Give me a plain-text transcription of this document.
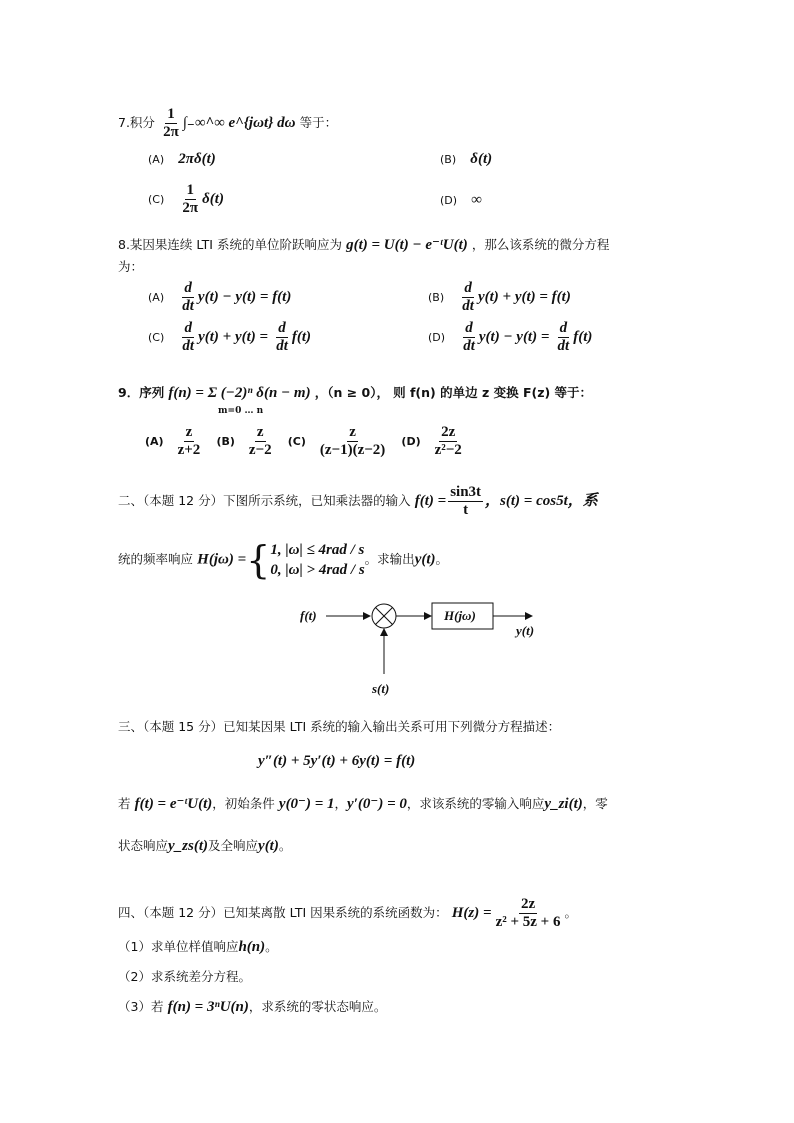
7.积分 $\frac{1}{2\pi}$ ∫₋∞^∞ e^{jωt} dω 等于：
(A) 2πδ(t)	(B) δ(t)
$(C) \frac{1}{2\pi} \delta(t)$	(D) ∞
8.某因果连续 LTI 系统的单位阶跃响应为 g(t) = U(t) − e⁻ᵗU(t) ，那么该系统的微分方程
为：
$(A) \frac{d}{dt} y(t) - y(t) = f(t)$	$(B) \frac{d}{dt} y(t) + y(t) = f(t)$
$(C) \frac{d}{dt} y(t) + y(t) = \frac{d}{dt} f(t)$	$(D) \frac{d}{dt} y(t) - y(t) = \frac{d}{dt} f(t)$
9．序列 f(n) = Σ (−2)ⁿ δ(n − m) ，（n ≥ 0）， 则 f(n) 的单边 z 变换 F(z) 等于：
m=0 … n
$(A) \frac{z}{z+2} (B) \frac{z}{z-2} (C) \frac{z}{(z-1)(z-2)} (D) \frac{2z}{\text{z²−2}}$
二、（本题 12 分）下图所示系统，已知乘法器的输入 $f(t) = \frac{\sin 3t}{t}$ ，s(t) = cos5t，系
统的频率响应 H(jω) ={ 1, |ω| ≤ 4rad / s
0, |ω| > 4rad / s
。求输出y(t)。
f(t)	H(jω)
y(t)
s(t)
三、（本题 15 分）已知某因果 LTI 系统的输入输出关系可用下列微分方程描述：
y″(t) + 5y′(t) + 6y(t) = f(t)
若 f(t) = e⁻ᵗU(t)，初始条件 y(0⁻) = 1，y′(0⁻) = 0，求该系统的零输入响应y_zi(t)，零
状态响应y_zs(t)及全响应y(t)。
四、（本题 12 分）已知某离散 LTI 因果系统的系统函数为： $H(z) = \frac{2z}{\text{z² + 5z + 6}}$ 。
（1）求单位样值响应h(n)。
（2）求系统差分方程。
（3）若 f(n) = 3ⁿU(n)，求系统的零状态响应。
